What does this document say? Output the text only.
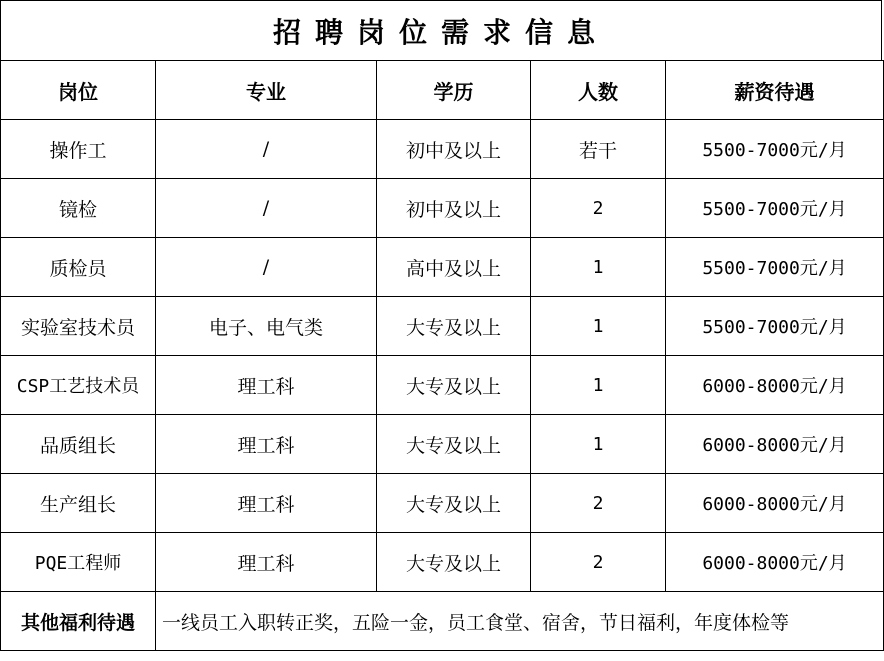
招聘岗位需求信息
岗位	专业	学历	人数	薪资待遇
操作工	/	初中及以上	若干	5500-7000元/月
镜检	/	初中及以上	2	5500-7000元/月
质检员	/	高中及以上	1	5500-7000元/月
实验室技术员	电子、电气类	大专及以上	1	5500-7000元/月
CSP工艺技术员	理工科	大专及以上	1	6000-8000元/月
品质组长	理工科	大专及以上	1	6000-8000元/月
生产组长	理工科	大专及以上	2	6000-8000元/月
PQE工程师	理工科	大专及以上	2	6000-8000元/月
其他福利待遇	一线员工入职转正奖，五险一金，员工食堂、宿舍，节日福利，年度体检等			
